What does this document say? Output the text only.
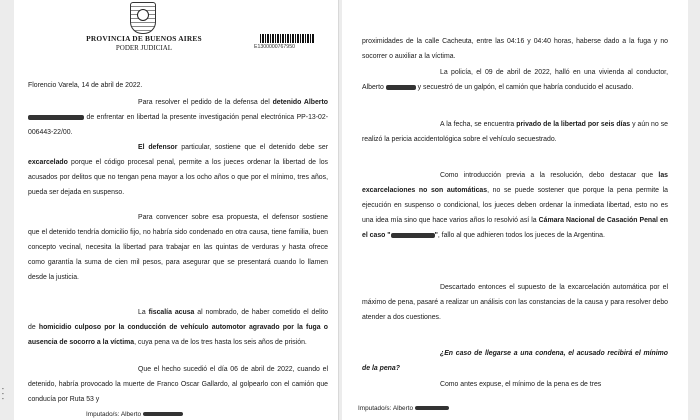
▪
▪
▪
PROVINCIA DE BUENOS AIRES
PODER JUDICIAL	E1300000767950

Florencio Varela, 14 de abril de 2022.

Para resolver el pedido de la defensa del detenido Alberto  de enfrentar en libertad la presente investigación penal electrónica PP-13-02-006443-22/00.

El defensor particular, sostiene que el detenido debe ser excarcelado porque el código procesal penal, permite a los jueces ordenar la libertad de los acusados por delitos que no tengan pena mayor a los ocho años o que por el mínimo, tres años, pueda ser dejada en suspenso.

Para convencer sobre esa propuesta, el defensor sostiene que el detenido tendría domicilio fijo, no habría sido condenado en otra causa, tiene familia, buen concepto vecinal, necesita la libertad para trabajar en las quintas de verduras y hasta ofrece como garantía la suma de cien mil pesos, para asegurar que se presentará cuando lo llamen desde la justicia.

La fiscalía acusa al nombrado, de haber cometido el delito de homicidio culposo por la conducción de vehículo automotor agravado por la fuga o ausencia de socorro a la víctima, cuya pena va de los tres hasta los seis años de prisión.

Que el hecho sucedió el día 06 de abril de 2022, cuando el detenido, habría provocado la muerte de Franco Oscar Gallardo, al golpearlo con el camión que conducía por Ruta 53 y

Imputado/s: Alberto

proximidades de la calle Cacheuta, entre las 04:16 y 04:40 horas, haberse dado a la fuga y no socorrer o auxiliar a la víctima.

La policía, el 09 de abril de 2022, halló en una vivienda al conductor, Alberto	y secuestró de un galpón, el camión que habría conducido el acusado.

A la fecha, se encuentra privado de la libertad por seis días y aún no se realizó la pericia accidentológica sobre el vehículo secuestrado.

Como introducción previa a la resolución, debo destacar que las excarcelaciones no son automáticas, no se puede sostener que porque la pena permite la ejecución en suspenso o condicional, los jueces deben ordenar la inmediata libertad, esto no es una idea mía sino que hace varios años lo resolvió así la Cámara Nacional de Casación Penal en el caso "	", fallo al que adhieren todos los jueces de la Argentina.

Descartado entonces el supuesto de la excarcelación automática por el máximo de pena, pasaré a realizar un análisis con las constancias de la causa y para resolver debo atender a dos cuestiones.

¿En caso de llegarse a una condena, el acusado recibirá el mínimo de la pena?

Como antes expuse, el mínimo de la pena es de tres

Imputado/s: Alberto
